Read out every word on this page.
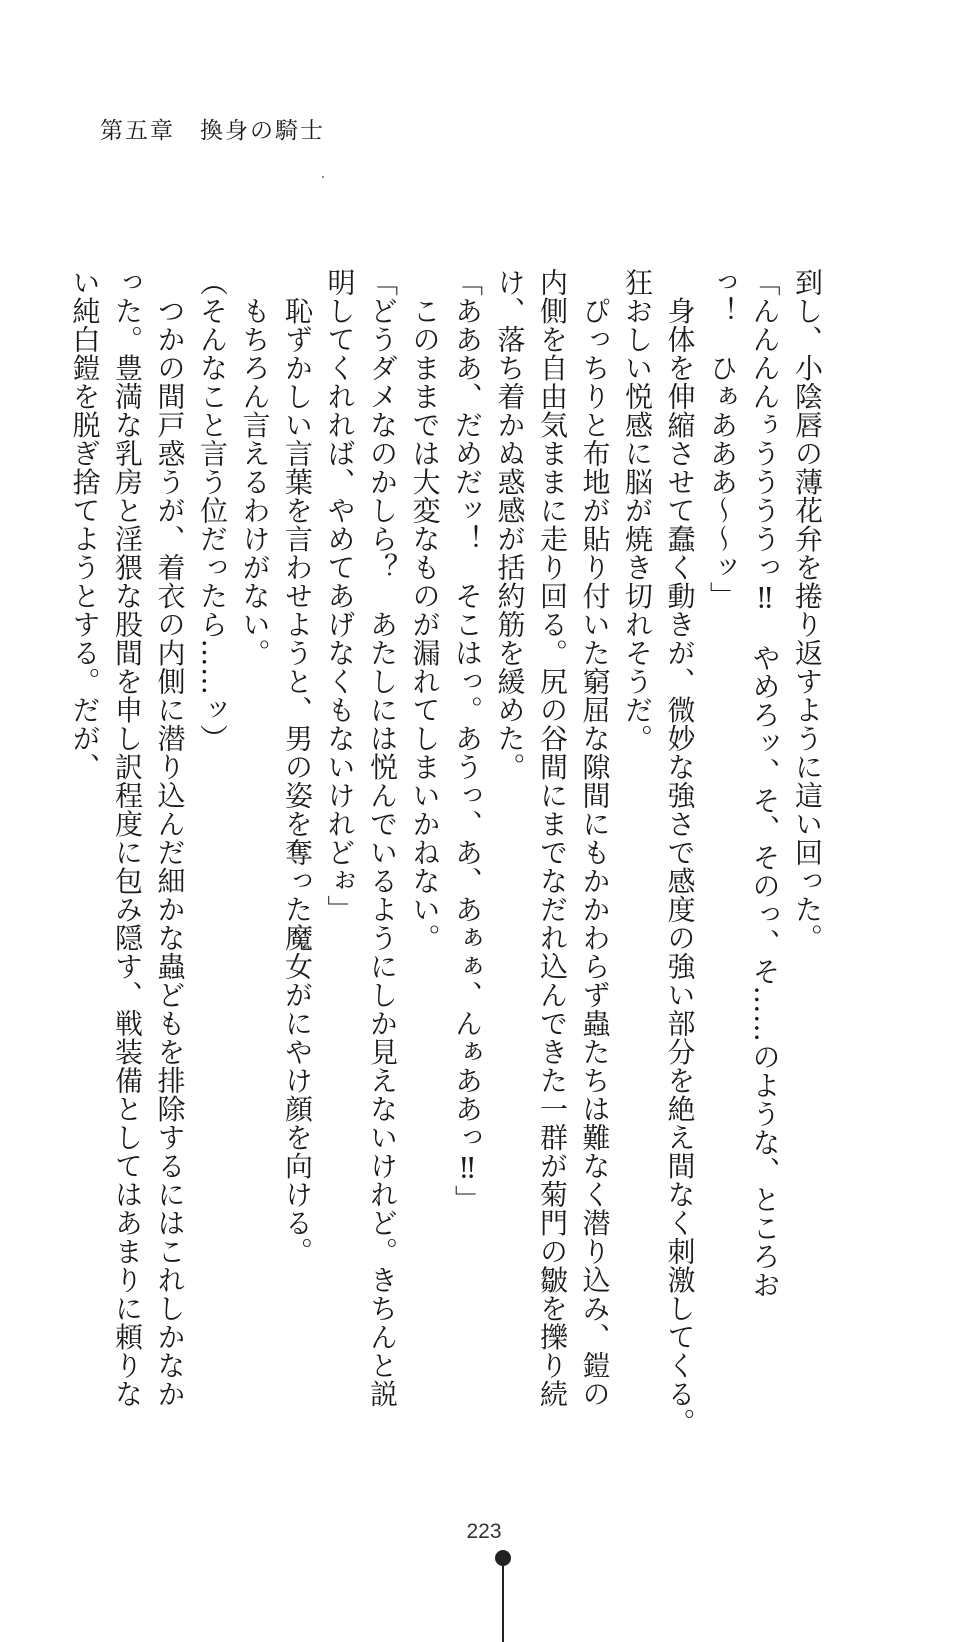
第五章　換身の騎士
到し、小陰唇の薄花弁を捲り返すように這い回った。
「んんんんぅううううっ‼　やめろッ、そ、そのっ、そ……のような、ところお
っ！　ひぁあああ～～ッ」
　身体を伸縮させて蠢く動きが、微妙な強さで感度の強い部分を絶え間なく刺激してくる。
狂おしい悦感に脳が焼き切れそうだ。
　ぴっちりと布地が貼り付いた窮屈な隙間にもかかわらず蟲たちは難なく潜り込み、鎧の
内側を自由気ままに走り回る。尻の谷間にまでなだれ込んできた一群が菊門の皺を擽り続
け、落ち着かぬ惑感が括約筋を緩めた。
「あああ、だめだッ！　そこはっ。あうっ、あ、あぁぁ、んぁああっ‼」
　このままでは大変なものが漏れてしまいかねない。
「どうダメなのかしら？　あたしには悦んでいるようにしか見えないけれど。きちんと説
明してくれれば、やめてあげなくもないけれどぉ」
　恥ずかしい言葉を言わせようと、男の姿を奪った魔女がにやけ顔を向ける。
　もちろん言えるわけがない。
（そんなこと言う位だったら……ッ）
　つかの間戸惑うが、着衣の内側に潜り込んだ細かな蟲どもを排除するにはこれしかなか
った。豊満な乳房と淫猥な股間を申し訳程度に包み隠す、戦装備としてはあまりに頼りな
い純白鎧を脱ぎ捨てようとする。だが、
223
